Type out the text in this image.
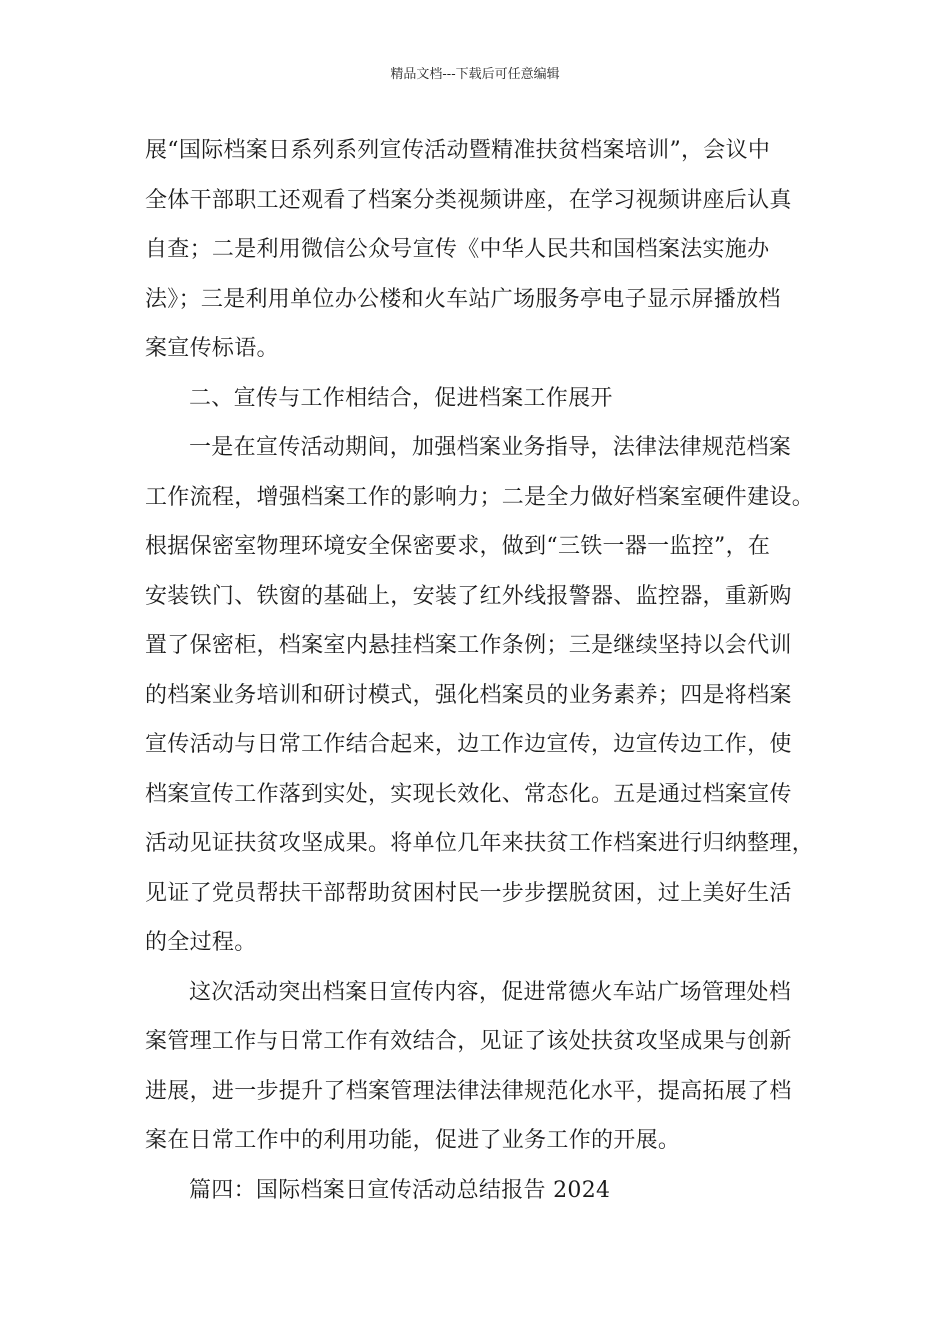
精品文档---下载后可任意编辑
展“国际档案日系列系列宣传活动暨精准扶贫档案培训”，会议中
全体干部职工还观看了档案分类视频讲座，在学习视频讲座后认真
自查；二是利用微信公众号宣传《中华人民共和国档案法实施办
法》；三是利用单位办公楼和火车站广场服务亭电子显示屏播放档
案宣传标语。
二、宣传与工作相结合，促进档案工作展开
一是在宣传活动期间，加强档案业务指导，法律法律规范档案
工作流程，增强档案工作的影响力；二是全力做好档案室硬件建设。
根据保密室物理环境安全保密要求，做到“三铁一器一监控”，在
安装铁门、铁窗的基础上，安装了红外线报警器、监控器，重新购
置了保密柜，档案室内悬挂档案工作条例；三是继续坚持以会代训
的档案业务培训和研讨模式，强化档案员的业务素养；四是将档案
宣传活动与日常工作结合起来，边工作边宣传，边宣传边工作，使
档案宣传工作落到实处，实现长效化、常态化。五是通过档案宣传
活动见证扶贫攻坚成果。将单位几年来扶贫工作档案进行归纳整理，
见证了党员帮扶干部帮助贫困村民一步步摆脱贫困，过上美好生活
的全过程。
这次活动突出档案日宣传内容，促进常德火车站广场管理处档
案管理工作与日常工作有效结合，见证了该处扶贫攻坚成果与创新
进展，进一步提升了档案管理法律法律规范化水平，提高拓展了档
案在日常工作中的利用功能，促进了业务工作的开展。
篇四：国际档案日宣传活动总结报告 2024
